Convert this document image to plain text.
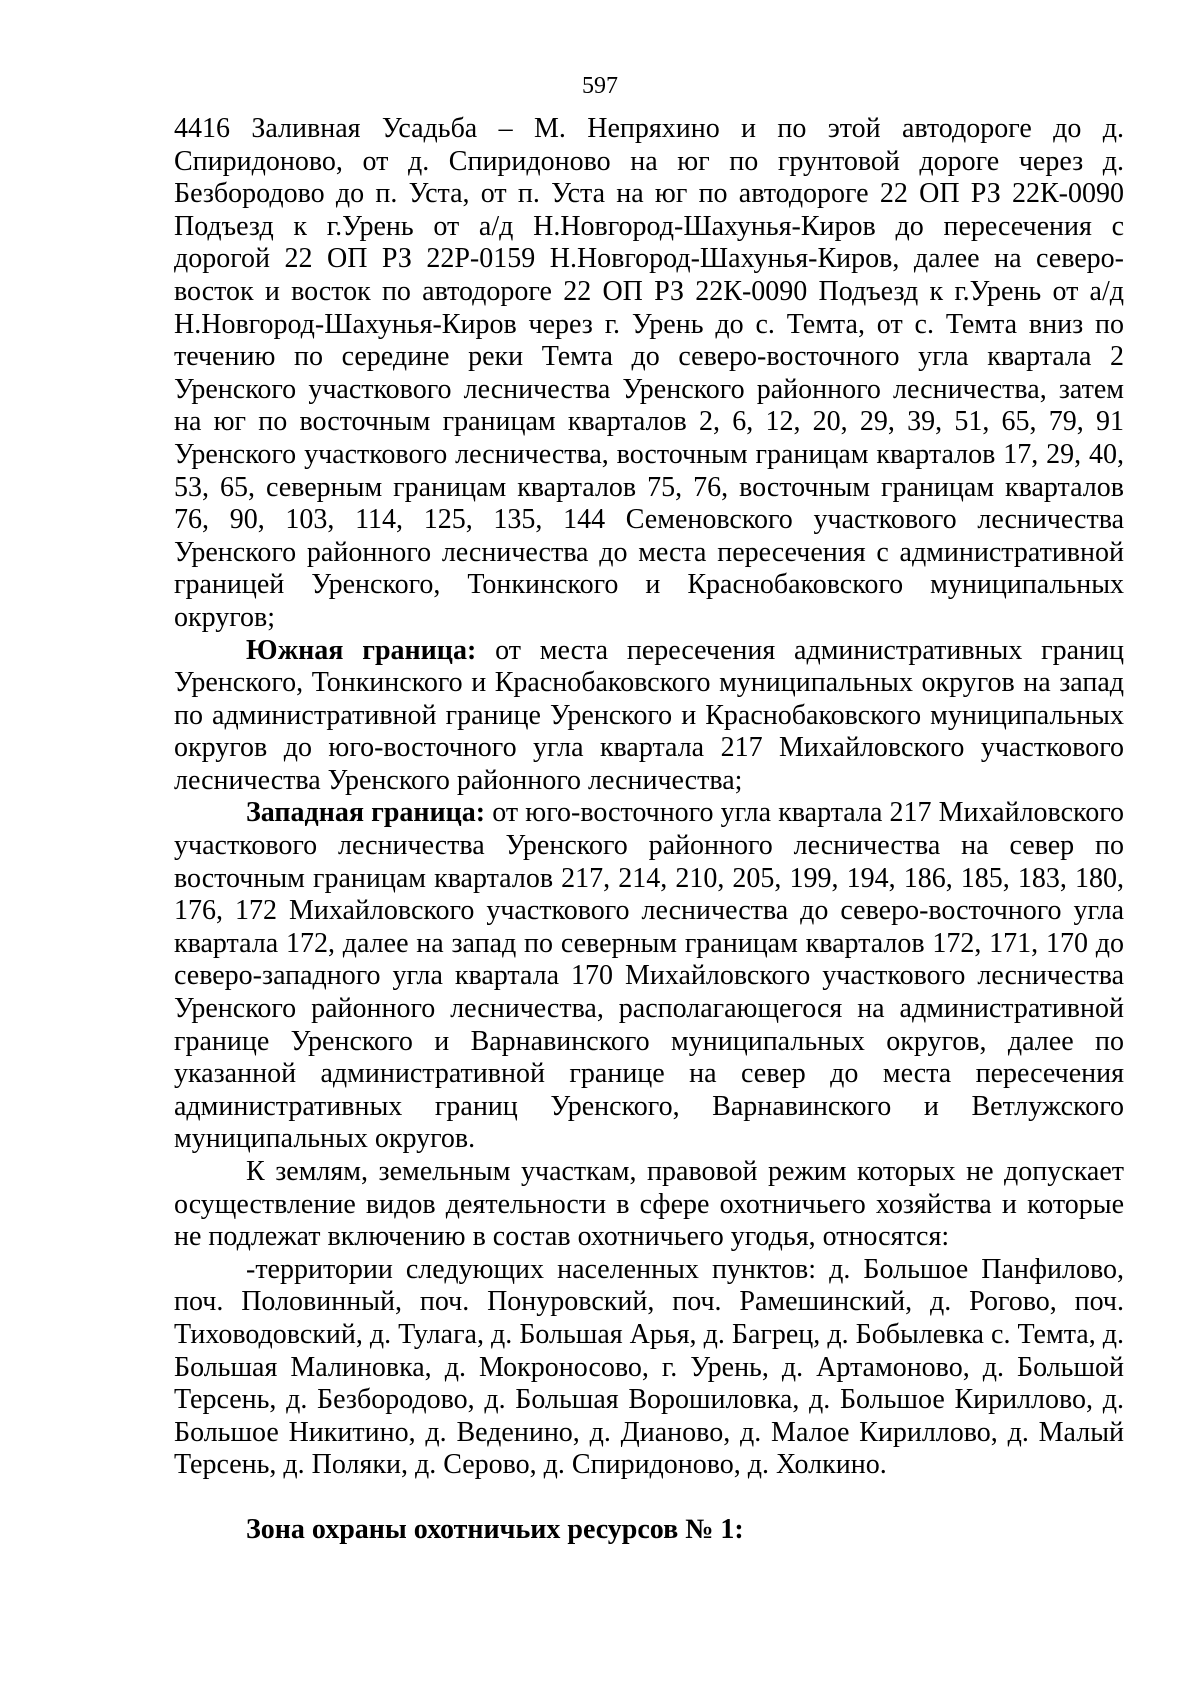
597

4416 Заливная Усадьба – М. Непряхино и по этой автодороге до д. Спиридоново, от д. Спиридоново на юг по грунтовой дороге через д. Безбородово до п. Уста, от п. Уста на юг по автодороге 22 ОП РЗ 22К-0090 Подъезд к г.Урень от а/д Н.Новгород-Шахунья-Киров до пересечения с дорогой 22 ОП РЗ 22Р-0159 Н.Новгород-Шахунья-Киров, далее на северо-восток и восток по автодороге 22 ОП РЗ 22К-0090 Подъезд к г.Урень от а/д Н.Новгород-Шахунья-Киров через г. Урень до с. Темта, от с. Темта вниз по течению по середине реки Темта до северо-восточного угла квартала 2 Уренского участкового лесничества Уренского районного лесничества, затем на юг по восточным границам кварталов 2, 6, 12, 20, 29, 39, 51, 65, 79, 91 Уренского участкового лесничества, восточным границам кварталов 17, 29, 40, 53, 65, северным границам кварталов 75, 76, восточным границам кварталов 76, 90, 103, 114, 125, 135, 144 Семеновского участкового лесничества Уренского районного лесничества до места пересечения с административной границей Уренского, Тонкинского и Краснобаковского муниципальных округов;

Южная граница: от места пересечения административных границ Уренского, Тонкинского и Краснобаковского муниципальных округов на запад по административной границе Уренского и Краснобаковского муниципальных округов до юго-восточного угла квартала 217 Михайловского участкового лесничества Уренского районного лесничества;

Западная граница: от юго-восточного угла квартала 217 Михайловского участкового лесничества Уренского районного лесничества на север по восточным границам кварталов 217, 214, 210, 205, 199, 194, 186, 185, 183, 180, 176, 172 Михайловского участкового лесничества до северо-восточного угла квартала 172, далее на запад по северным границам кварталов 172, 171, 170 до северо-западного угла квартала 170 Михайловского участкового лесничества Уренского районного лесничества, располагающегося на административной границе Уренского и Варнавинского муниципальных округов, далее по указанной административной границе на север до места пересечения административных границ Уренского, Варнавинского и Ветлужского муниципальных округов.

К землям, земельным участкам, правовой режим которых не допускает осуществление видов деятельности в сфере охотничьего хозяйства и которые не подлежат включению в состав охотничьего угодья, относятся:

-территории следующих населенных пунктов: д. Большое Панфилово, поч. Половинный, поч. Понуровский, поч. Рамешинский, д. Рогово, поч. Тиховодовский, д. Тулага, д. Большая Арья, д. Багрец, д. Бобылевка с. Темта, д. Большая Малиновка, д. Мокроносово, г. Урень, д. Артамоново, д. Большой Терсень, д. Безбородово, д. Большая Ворошиловка, д. Большое Кириллово, д. Большое Никитино, д. Веденино, д. Дианово, д. Малое Кириллово, д. Малый Терсень, д. Поляки, д. Серово, д. Спиридоново, д. Холкино.

Зона охраны охотничьих ресурсов № 1:
